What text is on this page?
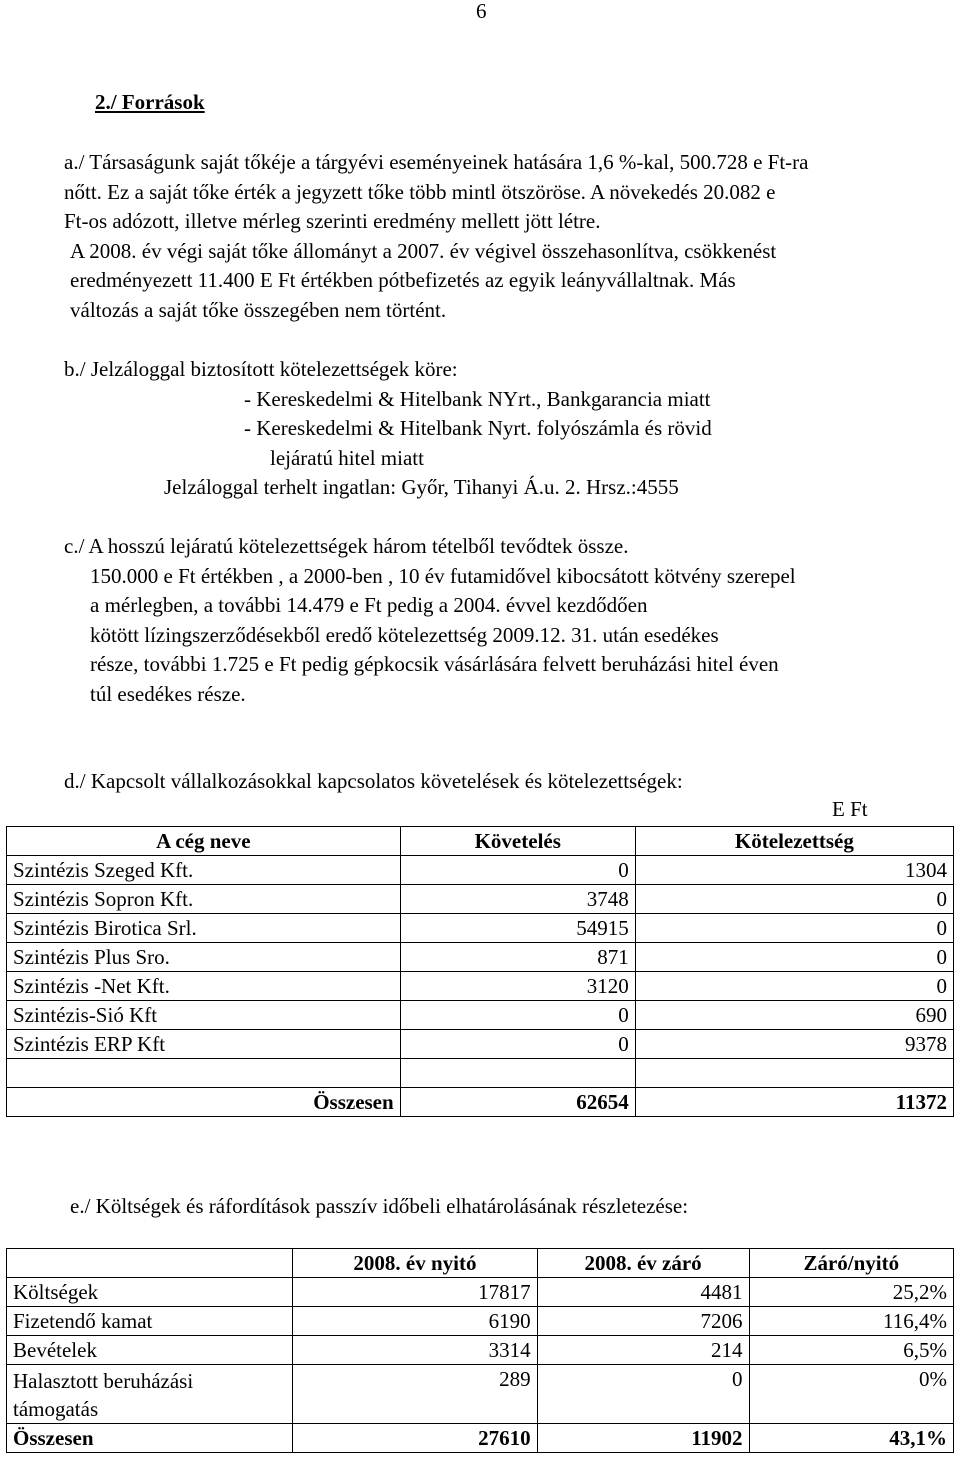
6
2./ Források

a./ Társaságunk saját tőkéje a tárgyévi eseményeinek hatására 1,6 %-kal, 500.728 e Ft-ra

nőtt. Ez a saját tőke érték a jegyzett tőke több mintl ötszöröse. A növekedés 20.082 e

Ft-os adózott, illetve mérleg szerinti eredmény mellett jött létre.

A 2008. év végi saját tőke állományt a 2007. év végivel összehasonlítva, csökkenést

eredményezett 11.400 E Ft értékben pótbefizetés az egyik leányvállaltnak. Más

változás a saját tőke összegében nem történt.

b./ Jelzáloggal biztosított kötelezettségek köre:
- Kereskedelmi & Hitelbank NYrt., Bankgarancia miatt
- Kereskedelmi & Hitelbank Nyrt. folyószámla és rövid
lejáratú hitel miatt
Jelzáloggal terhelt ingatlan: Győr, Tihanyi Á.u. 2. Hrsz.:4555
c./ A hosszú lejáratú kötelezettségek három tételből tevődtek össze.
150.000 e Ft értékben , a 2000-ben , 10 év futamidővel kibocsátott kötvény szerepel
a mérlegben, a további 14.479 e Ft pedig a 2004. évvel kezdődően
kötött lízingszerződésekből eredő kötelezettség 2009.12. 31. után esedékes
része, további 1.725 e Ft pedig gépkocsik vásárlására felvett beruházási hitel éven
túl esedékes része.
d./ Kapcsolt vállalkozásokkal kapcsolatos követelések és kötelezettségek:
E Ft
A cég neve	Követelés	Kötelezettség
Szintézis Szeged Kft.	0	1304
Szintézis Sopron Kft.	3748	0
Szintézis Birotica Srl.	54915	0
Szintézis Plus Sro.	871	0
Szintézis -Net Kft.	3120	0
Szintézis-Sió Kft	0	690
Szintézis ERP Kft	0	9378

Összesen	62654	11372
e./ Költségek és ráfordítások passzív időbeli elhatárolásának részletezése:
	2008. év nyitó	2008. év záró	Záró/nyitó
Költségek	17817	4481	25,2%
Fizetendő kamat	6190	7206	116,4%
Bevételek	3314	214	6,5%

Halasztott beruházási
támogatás	289	0	0%
Összesen	27610	11902	43,1%
